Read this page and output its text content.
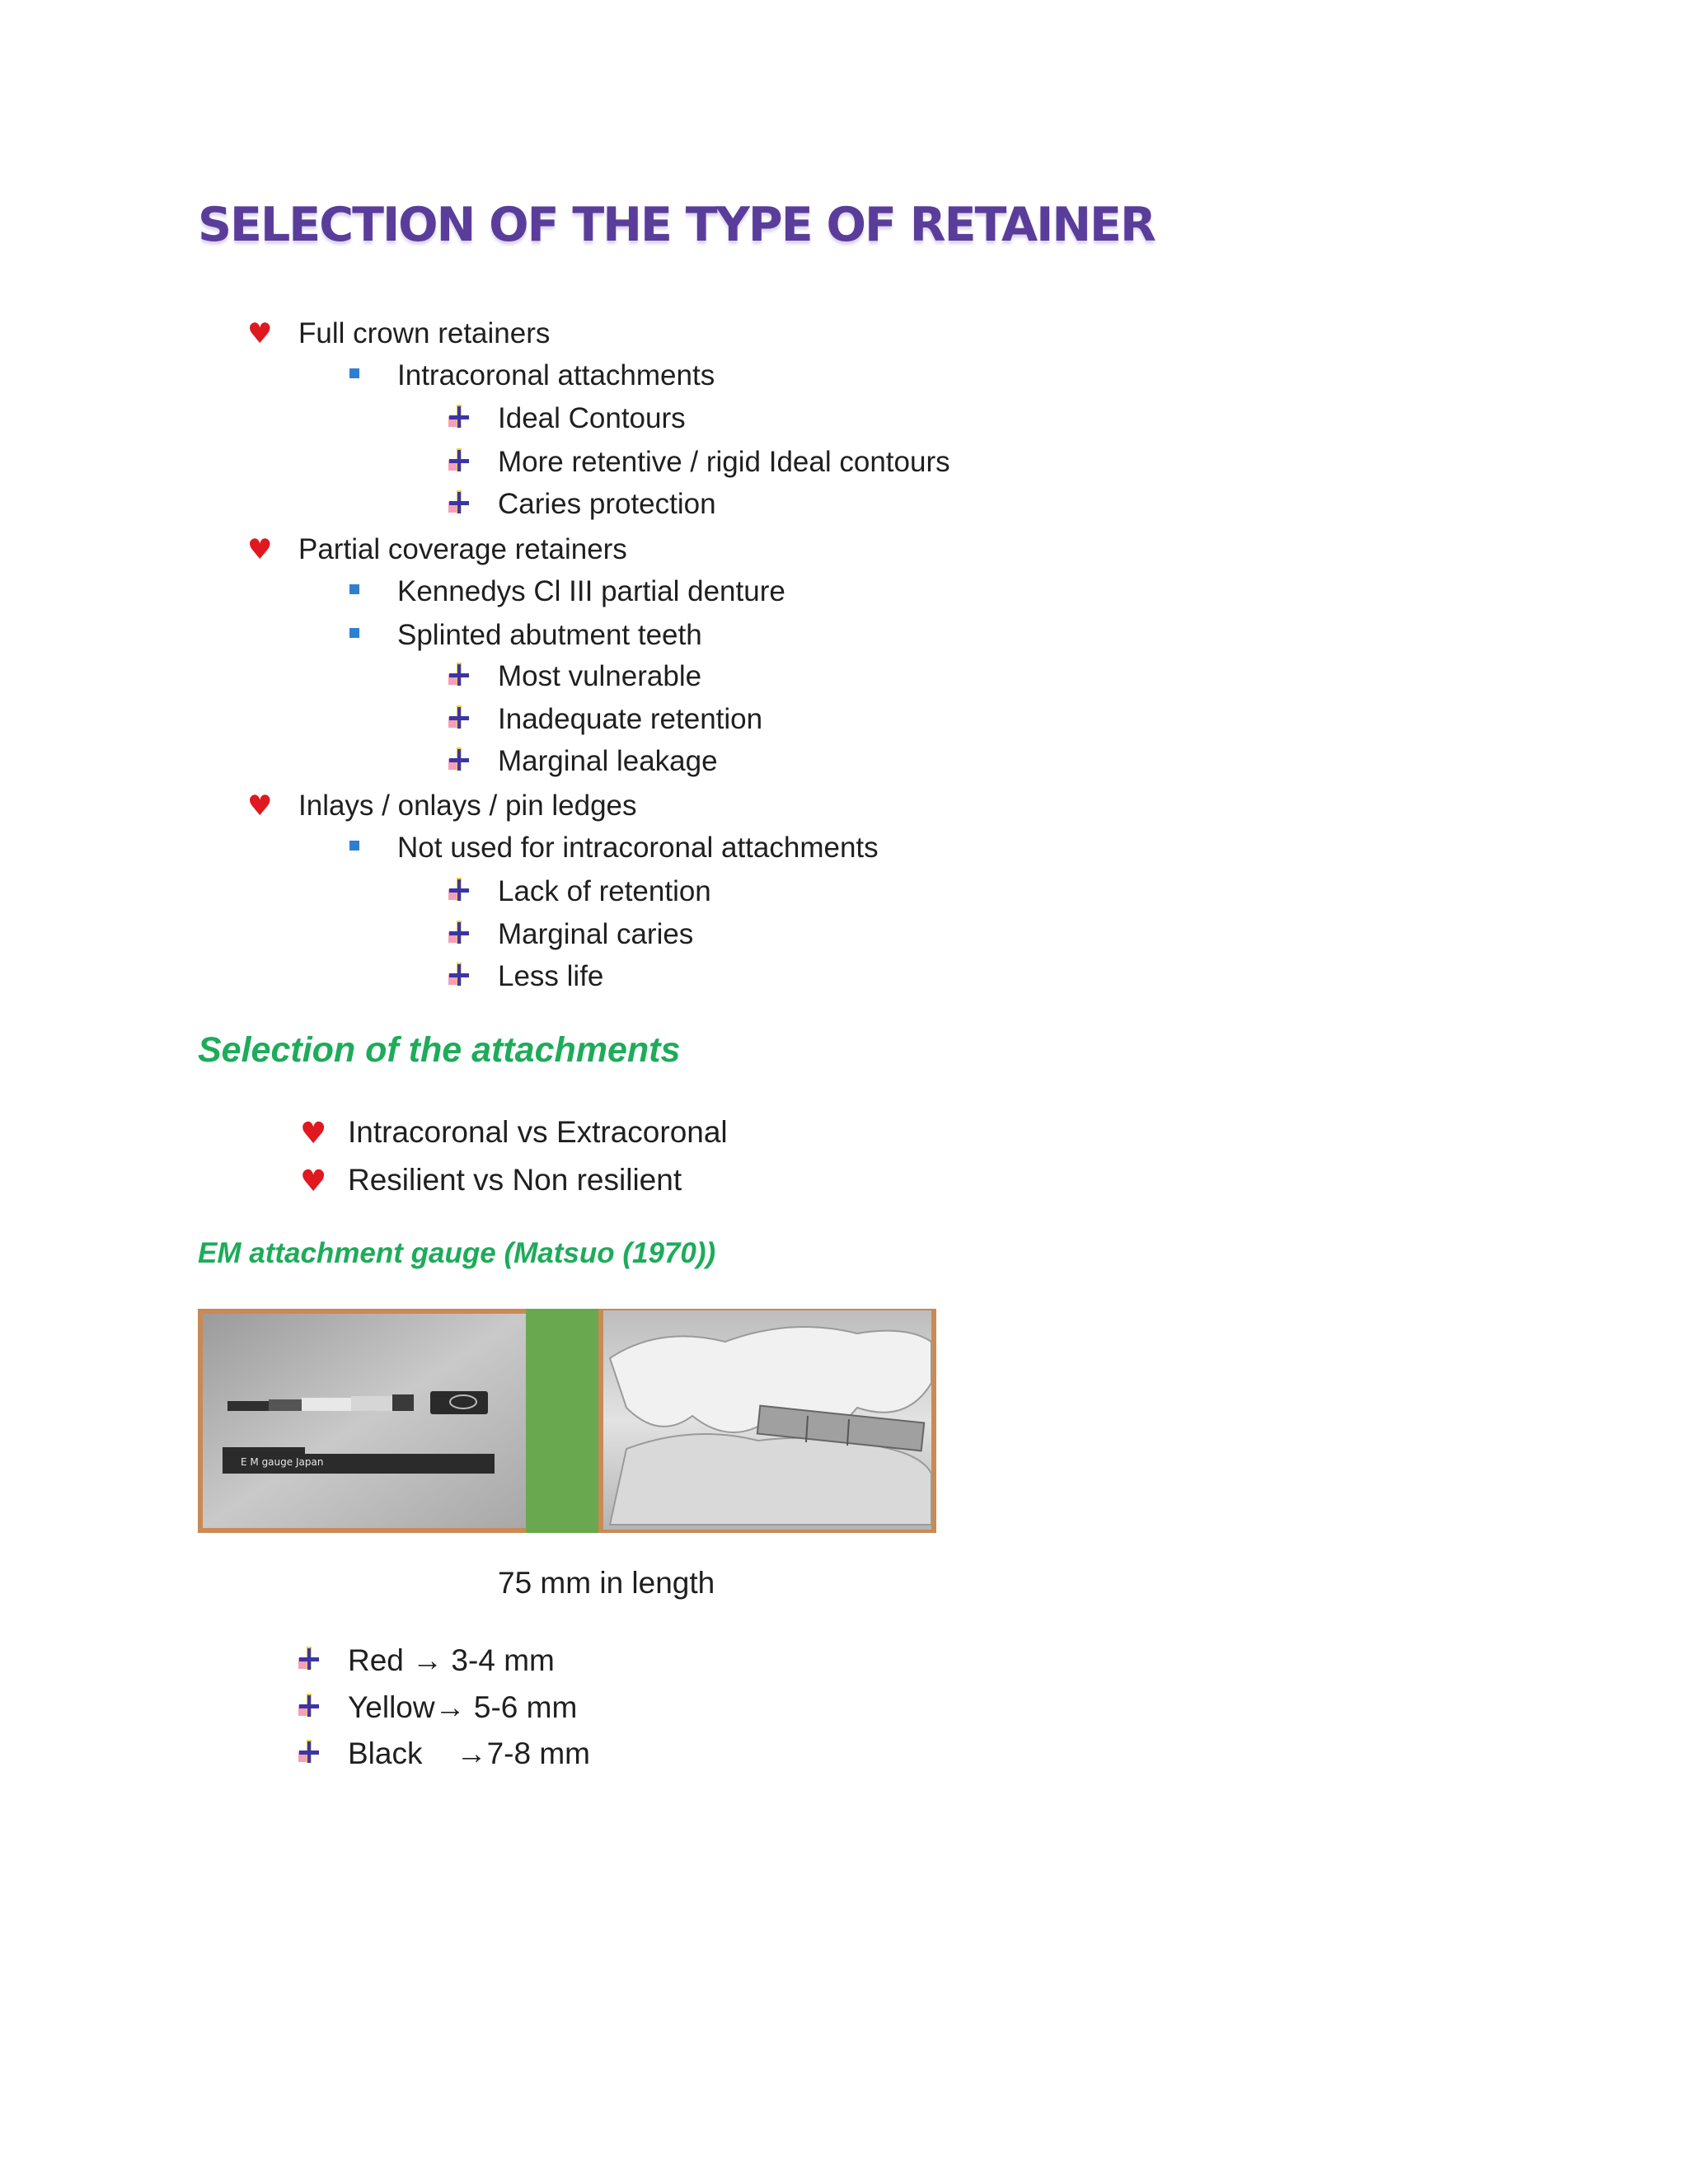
SELECTION OF THE TYPE OF RETAINER
♥ Full crown retainers
Intracoronal attachments
Ideal Contours
More retentive / rigid Ideal contours
Caries protection
♥ Partial coverage retainers
Kennedys Cl III partial denture
Splinted abutment teeth
Most vulnerable
Inadequate retention
Marginal leakage
♥ Inlays / onlays / pin ledges
Not used for intracoronal attachments
Lack of retention
Marginal caries
Less life
Selection of the attachments
♥ Intracoronal vs Extracoronal
♥ Resilient vs Non resilient
EM attachment gauge (Matsuo (1970))
E M gauge Japan
75 mm in length
Red → 3-4 mm
Yellow→ 5-6 mm
Black    →7-8 mm
